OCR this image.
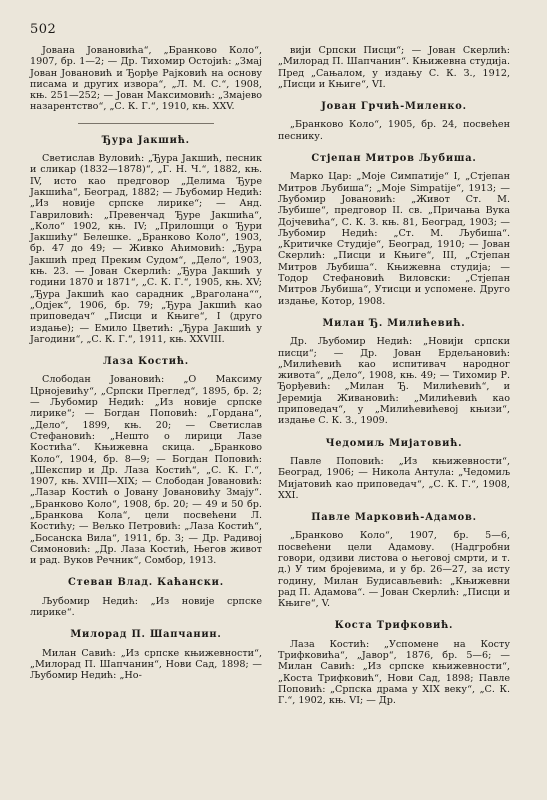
502

Јована Јовановића“, „Бранково Коло“, 1907, бр. 1—2; — Др. Тихомир Остојић: „Змај Јован Јовановић и Ђорђе Рајковић на основу писама и других извора“, „Л. М. С.“, 1908, књ. 251—252; — Јован Максимовић: „Змајево назарентство“, „С. К. Г.“, 1910, књ. XXV.

Ђура Јакшић.

Светислав Вуловић: „Ђура Јакшић, песник и сликар (1832—1878)“, „Г. Н. Ч.“, 1882, књ. IV, исто као предговор „Делима Ђуре Јакшића“, Београд, 1882; — Љубомир Недић: „Из новије српске лирике“; — Анд. Гавриловић: „Превенчад Ђуре Јакшића“, „Коло“ 1902, књ. IV; „Прилошци о Ђури Јакшићу“ Белешке. „Бранково Коло“, 1903, бр. 47 до 49; — Живко Аћимовић: „Ђура Јакшић пред Преким Судом“, „Дело“, 1903, књ. 23. — Јован Скерлић: „Ђура Јакшић у години 1870 и 1871“, „С. К. Г.“, 1905, књ. XV; „Ђура Јакшић као сарадник „Враголана““, „Одјек“, 1906, бр. 79; „Ђура Јакшић као приповедач“ „Писци и Књиге“, I (друго издање); — Емило Цветић: „Ђура Јакшић у Јагодини“, „С. К. Г.“, 1911, књ. XXVIII.

Лаза Костић.

Слободан Јовановић: „О Максиму Црнојевићу“, „Српски Преглед“, 1895, бр. 2; — Љубомир Недић: „Из новије српске лирике“; — Богдан Поповић: „Гордана“, „Дело“, 1899, књ. 20; — Светислав Стефановић: „Нешто о лирици Лазе Костића“. Књижевна скица. „Бранково Коло“, 1904, бр. 8—9; — Богдан Поповић: „Шекспир и Др. Лаза Костић“, „С. К. Г.“, 1907, књ. XVIII—XIX; — Слободан Јовановић: „Лазар Костић о Јовану Јовановићу Змају“. „Бранково Коло“, 1908, бр. 20; — 49 и 50 бр. „Бранкова Кола“, цели посвећени Л. Костићу; — Вељко Петровић: „Лаза Костић“, „Босанска Вила“, 1911, бр. 3; — Др. Радивој Симоновић: „Др. Лаза Костић, Његов живот и рад. Вуков Речник“, Сомбор, 1913.

Стеван Влад. Каћански.

Љубомир Недић: „Из новије српске лирике“.

Милорад П. Шапчанин.

Милан Савић: „Из српске књижевности“, „Милорад П. Шапчанин“, Нови Сад, 1898; — Љубомир Недић: „Но-

вији Српски Писци“; — Јован Скерлић: „Милорад П. Шапчанин“. Књижевна студија. Пред „Сањалом, у издању С. К. З., 1912, „Писци и Књиге“, VI.

Јован Грчић-Миленко.

„Бранково Коло“, 1905, бр. 24, посвећен песнику.

Стјепан Митров Љубиша.

Марко Цар: „Моје Симпатије“ I, „Стјепан Митров Љубиша“; „Моје Simpatije“, 1913; — Љубомир Јовановић: „Живот Ст. М. Љубише“, предговор II. св. „Причања Вука Дојчевића“, С. К. З. књ. 81, Београд, 1903; — Љубомир Недић: „Ст. М. Љубиша“. „Критичке Студије“, Београд, 1910; — Јован Скерлић: „Писци и Књиге“, III, „Стјепан Митров Љубиша“. Књижевна студија; — Тодор Стефановић Виловски: „Стјепан Митров Љубиша“, Утисци и успомене. Друго издање, Котор, 1908.

Милан Ђ. Милићевић.

Др. Љубомир Недић: „Новији српски писци“; — Др. Јован Ердељановић: „Милићевић као испитивач народног живота“, „Дело“, 1908, књ. 49; — Тихомир Р. Ђорђевић: „Милан Ђ. Милићевић“, и Јеремија Живановић: „Милићевић као приповедач“, у „Милићевићевој књизи“, издање С. К. З., 1909.

Чедомиљ Мијатовић.

Павле Поповић: „Из књижевности“, Београд, 1906; — Никола Антула: „Чедомиљ Мијатовић као приповедач“, „С. К. Г.“, 1908, XXI.

Павле Марковић-Адамов.

„Бранково Коло“, 1907, бр. 5—6, посвећени цели Адамову. (Надгробни говори, одзиви листова о његовој смрти, и т. д.) У тим бројевима, и у бр. 26—27, за исту годину, Милан Будисављевић: „Књижевни рад П. Адамова“. — Јован Скерлић: „Писци и Књиге“, V.

Коста Трифковић.

Лаза Костић: „Успомене на Косту Трифковића“, „Јавор“, 1876, бр. 5—6; — Милан Савић: „Из српске књижевности“, „Коста Трифковић“, Нови Сад, 1898; Павле Поповић: „Српска драма у XIX веку“, „С. К. Г.“, 1902, књ. VI; — Др.
